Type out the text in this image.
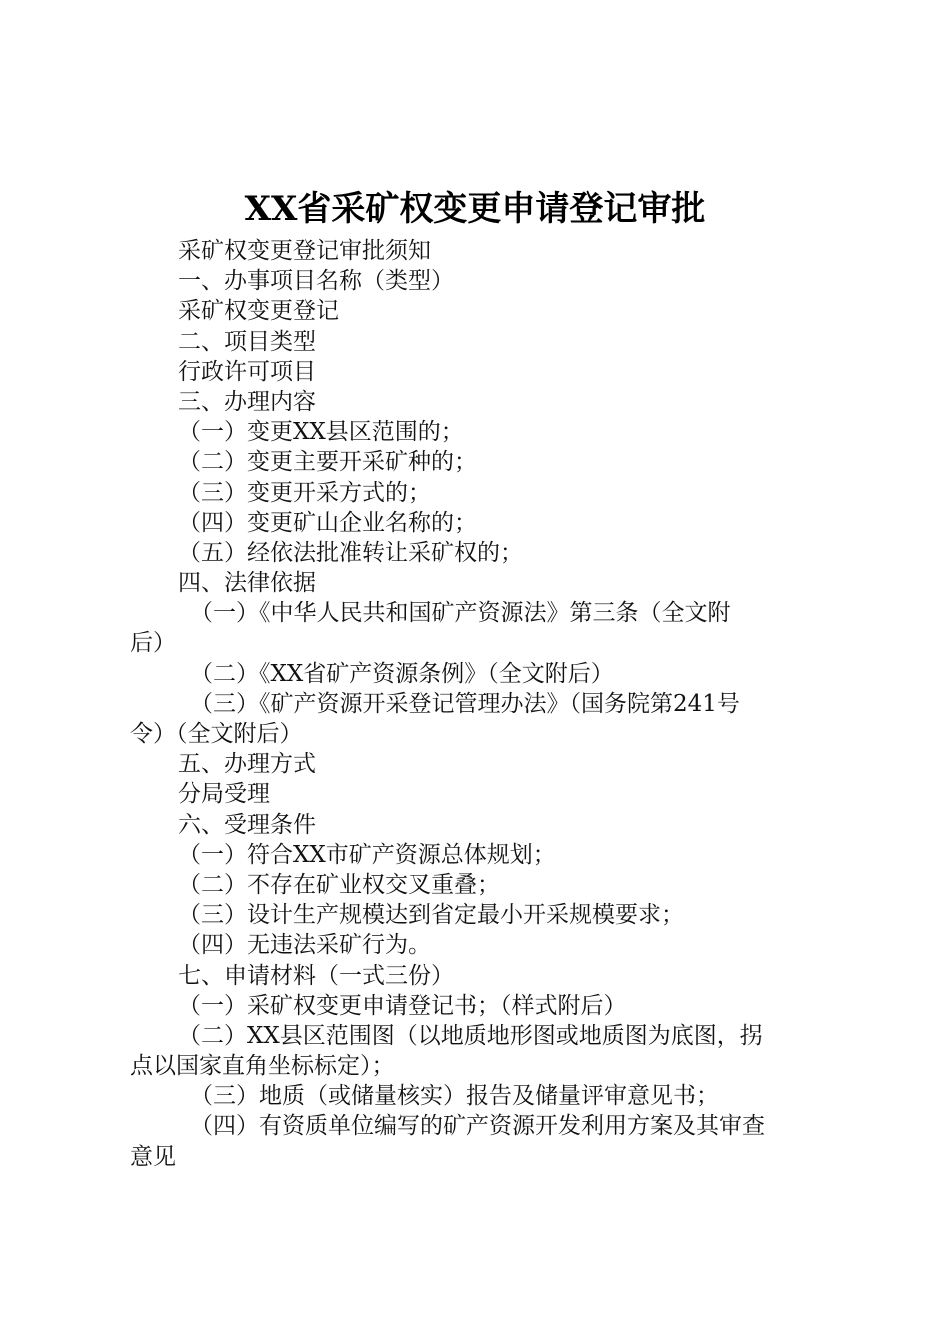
XX省采矿权变更申请登记审批

采矿权变更登记审批须知

一、办事项目名称（类型）

采矿权变更登记

二、项目类型

行政许可项目

三、办理内容

（一）变更XX县区范围的；

（二）变更主要开采矿种的；

（三）变更开采方式的；

（四）变更矿山企业名称的；

（五）经依法批准转让采矿权的；

四、法律依据

（一）《中华人民共和国矿产资源法》第三条（全文附

后）

（二）《XX省矿产资源条例》（全文附后）

（三）《矿产资源开采登记管理办法》（国务院第241号

令）（全文附后）

五、办理方式

分局受理

六、受理条件

（一）符合XX市矿产资源总体规划；

（二）不存在矿业权交叉重叠；

（三）设计生产规模达到省定最小开采规模要求；

（四）无违法采矿行为。

七、申请材料（一式三份）

（一）采矿权变更申请登记书；（样式附后）

（二）XX县区范围图（以地质地形图或地质图为底图，拐

点以国家直角坐标标定）；

（三）地质（或储量核实）报告及储量评审意见书；

（四）有资质单位编写的矿产资源开发利用方案及其审查

意见
